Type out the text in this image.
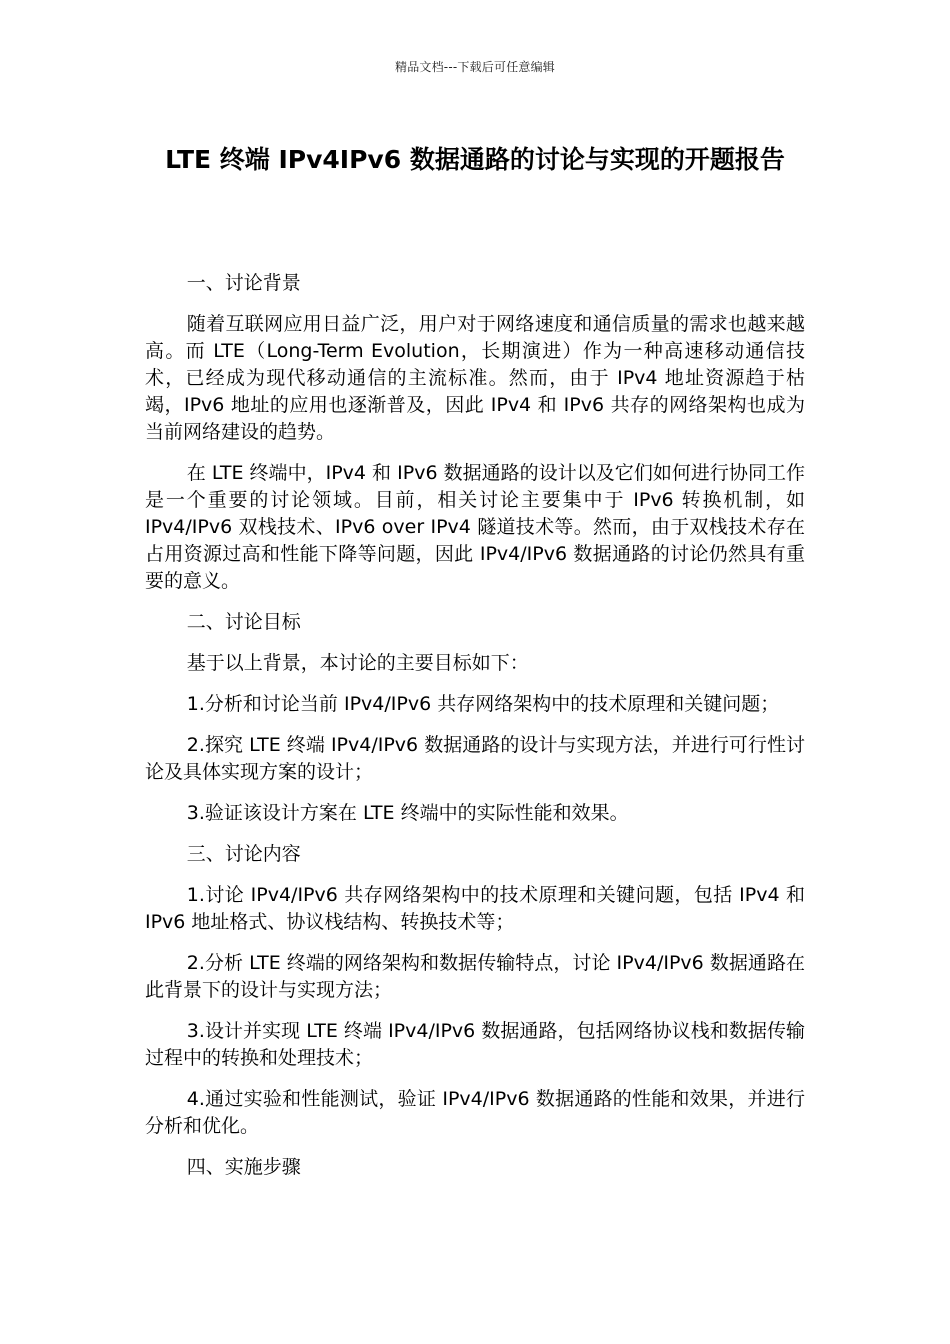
精品文档---下载后可任意编辑
LTE 终端 IPv4IPv6 数据通路的讨论与实现的开题报告

一、讨论背景

随着互联网应用日益广泛，用户对于网络速度和通信质量的需求也越来越高。而 LTE（Long-Term Evolution，长期演进）作为一种高速移动通信技术，已经成为现代移动通信的主流标准。然而，由于 IPv4 地址资源趋于枯竭，IPv6 地址的应用也逐渐普及，因此 IPv4 和 IPv6 共存的网络架构也成为当前网络建设的趋势。

在 LTE 终端中，IPv4 和 IPv6 数据通路的设计以及它们如何进行协同工作是一个重要的讨论领域。目前，相关讨论主要集中于 IPv6 转换机制，如 IPv4/IPv6 双栈技术、IPv6 over IPv4 隧道技术等。然而，由于双栈技术存在占用资源过高和性能下降等问题，因此 IPv4/IPv6 数据通路的讨论仍然具有重要的意义。

二、讨论目标

基于以上背景，本讨论的主要目标如下：

1.分析和讨论当前 IPv4/IPv6 共存网络架构中的技术原理和关键问题；

2.探究 LTE 终端 IPv4/IPv6 数据通路的设计与实现方法，并进行可行性讨论及具体实现方案的设计；

3.验证该设计方案在 LTE 终端中的实际性能和效果。

三、讨论内容

1.讨论 IPv4/IPv6 共存网络架构中的技术原理和关键问题，包括 IPv4 和 IPv6 地址格式、协议栈结构、转换技术等；

2.分析 LTE 终端的网络架构和数据传输特点，讨论 IPv4/IPv6 数据通路在此背景下的设计与实现方法；

3.设计并实现 LTE 终端 IPv4/IPv6 数据通路，包括网络协议栈和数据传输过程中的转换和处理技术；

4.通过实验和性能测试，验证 IPv4/IPv6 数据通路的性能和效果，并进行分析和优化。

四、实施步骤
